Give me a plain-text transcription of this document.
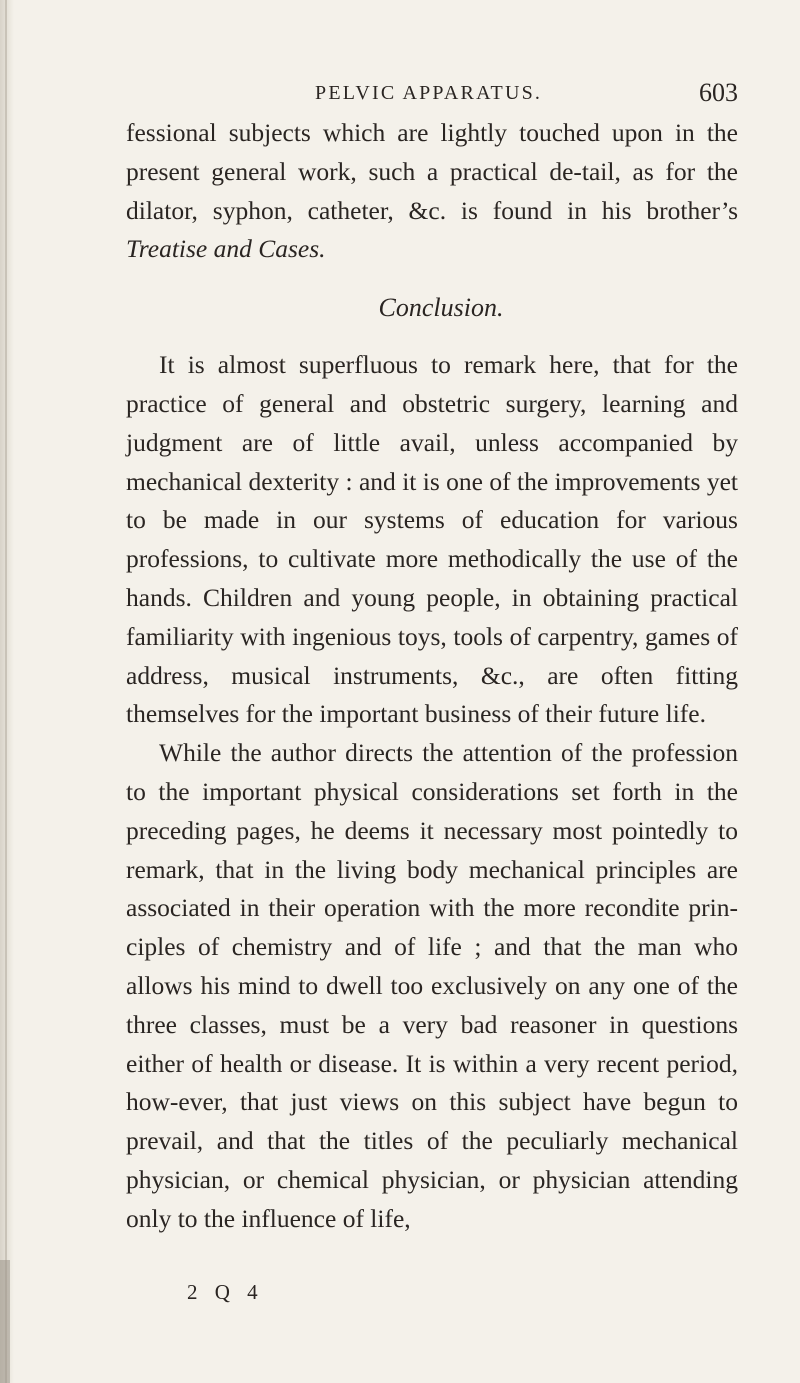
PELVIC APPARATUS.	603

fessional subjects which are lightly touched upon in the present general work, such a practical de-tail, as for the dilator, syphon, catheter, &c. is found in his brother’s Treatise and Cases.

Conclusion.

It is almost superfluous to remark here, that for the practice of general and obstetric surgery, learning and judgment are of little avail, unless accompanied by mechanical dexterity : and it is one of the improvements yet to be made in our systems of education for various professions, to cultivate more methodically the use of the hands. Children and young people, in obtaining practical familiarity with ingenious toys, tools of carpentry, games of address, musical instruments, &c., are often fitting themselves for the important business of their future life.

While the author directs the attention of the profession to the important physical considerations set forth in the preceding pages, he deems it necessary most pointedly to remark, that in the living body mechanical principles are associated in their operation with the more recondite prin-ciples of chemistry and of life ; and that the man who allows his mind to dwell too exclusively on any one of the three classes, must be a very bad reasoner in questions either of health or disease. It is within a very recent period, how-ever, that just views on this subject have begun to prevail, and that the titles of the peculiarly mechanical physician, or chemical physician, or physician attending only to the influence of life,

2 Q 4
